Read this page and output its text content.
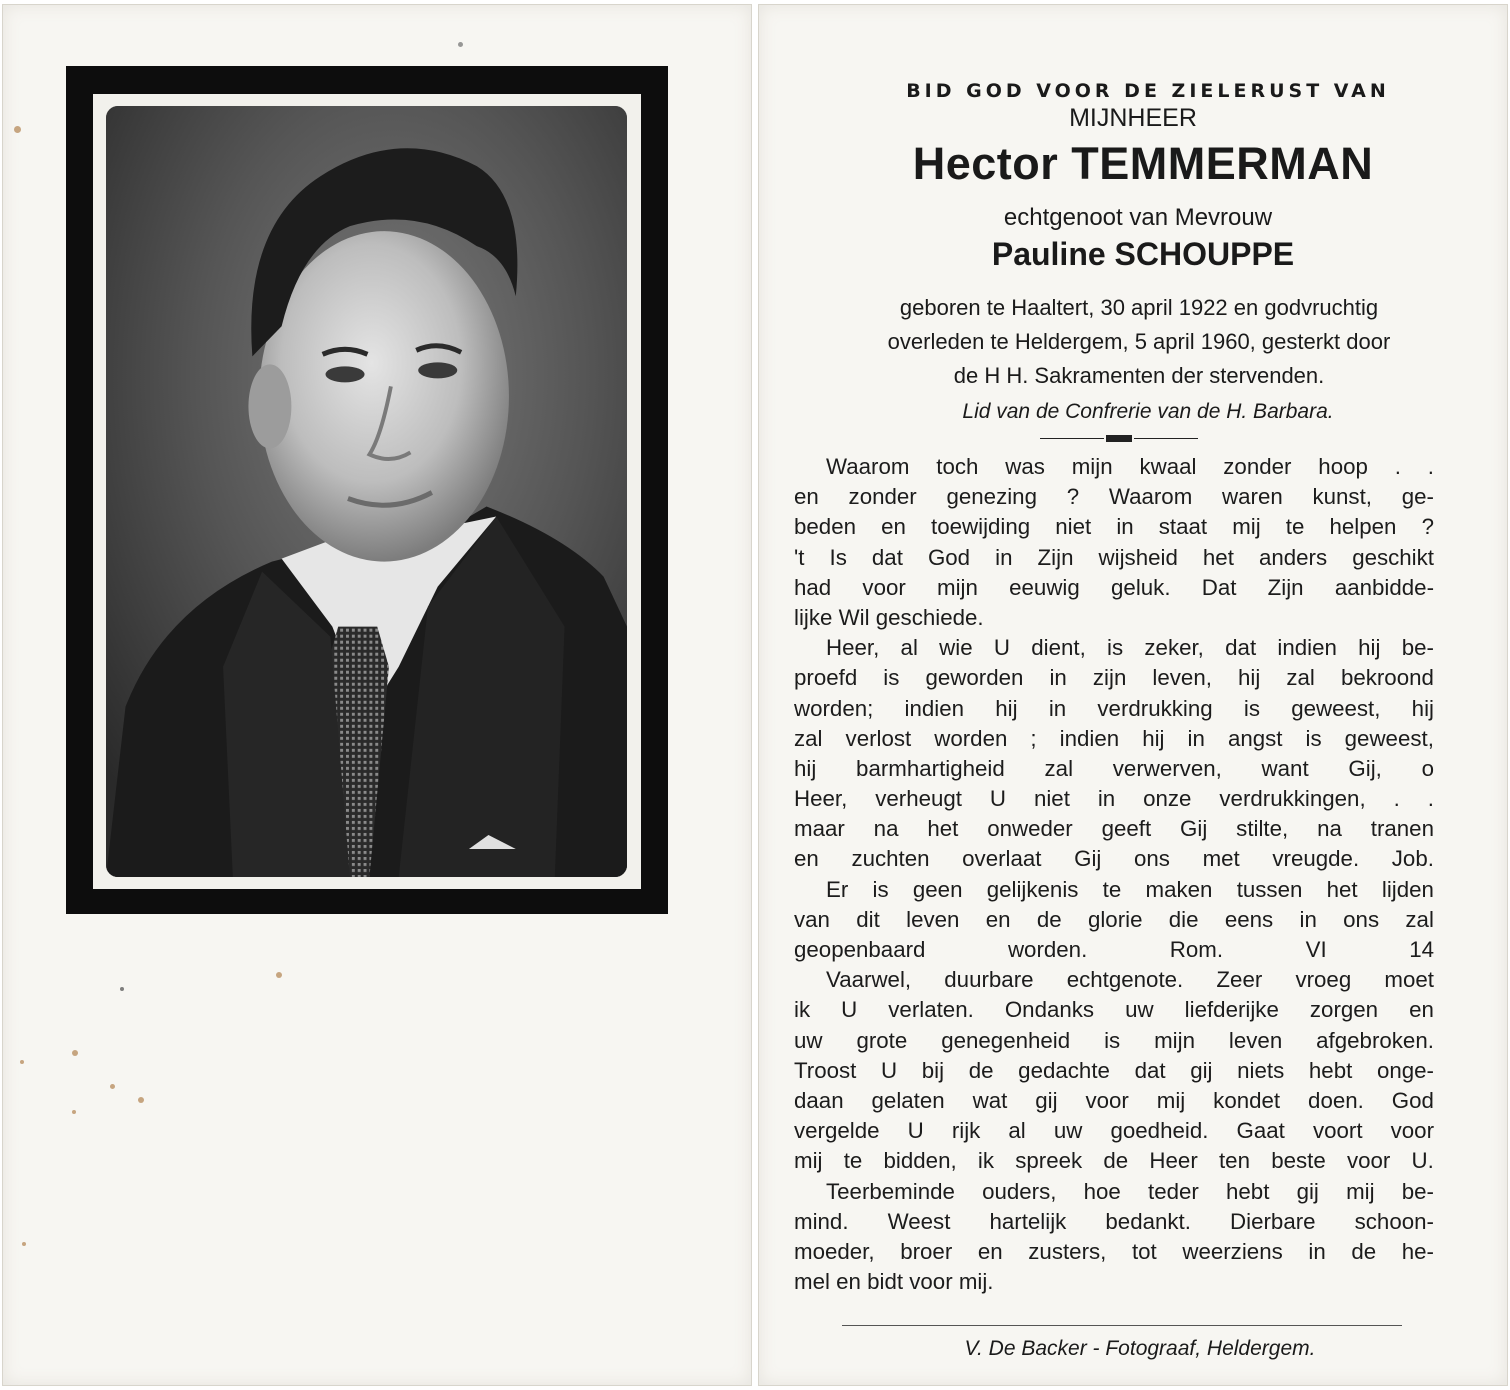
BID GOD VOOR DE ZIELERUST VAN
MIJNHEER
Hector TEMMERMAN
echtgenoot van Mevrouw
Pauline SCHOUPPE
geboren te Haaltert, 30 april 1922 en godvruchtig
overleden te Heldergem, 5 april 1960, gesterkt door
de H H. Sakramenten der stervenden.
Lid van de Confrerie van de H. Barbara.
Waarom toch was mijn kwaal zonder hoop . .
en zonder genezing ? Waarom waren kunst, ge-
beden en toewijding niet in staat mij te helpen ?
't Is dat God in Zijn wijsheid het anders geschikt
had voor mijn eeuwig geluk. Dat Zijn aanbidde-
lijke Wil geschiede.
Heer, al wie U dient, is zeker, dat indien hij be-
proefd is geworden in zijn leven, hij zal bekroond
worden; indien hij in verdrukking is geweest, hij
zal verlost worden ; indien hij in angst is geweest,
hij barmhartigheid zal verwerven, want Gij, o
Heer, verheugt U niet in onze verdrukkingen, . .
maar na het onweder geeft Gij stilte, na tranen
en zuchten overlaat Gij ons met vreugde. Job.
Er is geen gelijkenis te maken tussen het lijden
van dit leven en de glorie die eens in ons zal
geopenbaard	worden.	Rom.	VI	14
Vaarwel, duurbare echtgenote. Zeer vroeg moet
ik U verlaten. Ondanks uw liefderijke zorgen en
uw grote genegenheid is mijn leven afgebroken.
Troost U bij de gedachte dat gij niets hebt onge-
daan gelaten wat gij voor mij kondet doen. God
vergelde U rijk al uw goedheid. Gaat voort voor
mij te bidden, ik spreek de Heer ten beste voor U.
Teerbeminde ouders, hoe teder hebt gij mij be-
mind. Weest hartelijk bedankt. Dierbare schoon-
moeder, broer en zusters, tot weerziens in de he-
mel en bidt voor mij.
V. De Backer - Fotograaf, Heldergem.
